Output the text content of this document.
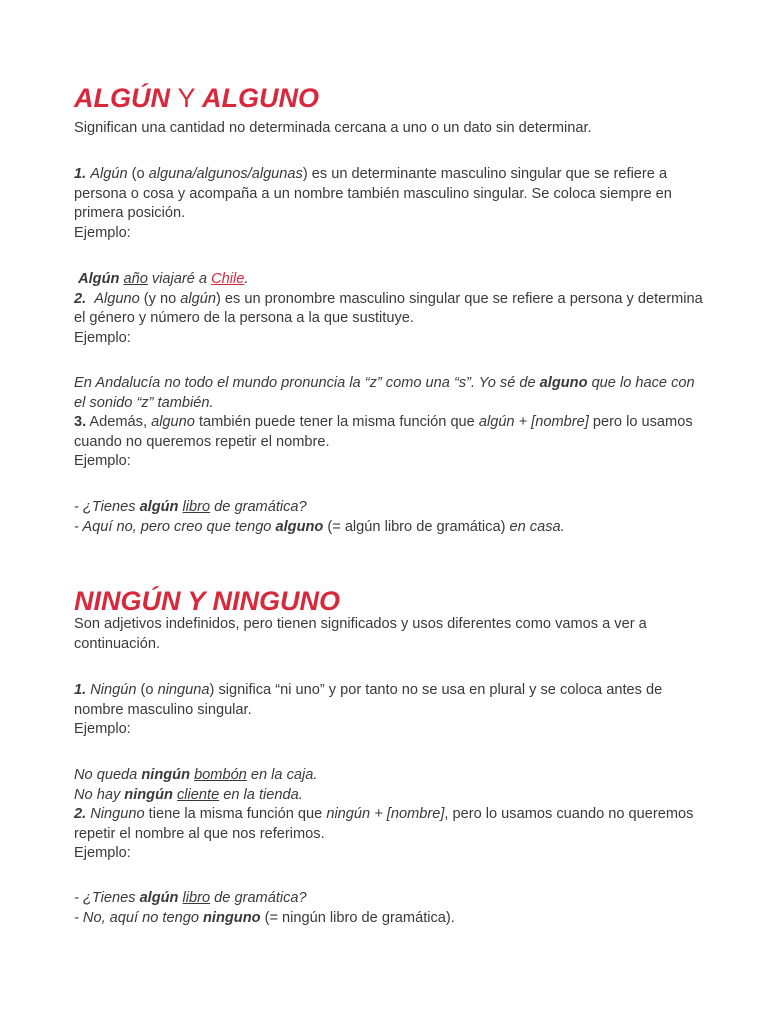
ALGÚN Y ALGUNO

Significan una cantidad no determinada cercana a uno o un dato sin determinar.

1. Algún (o alguna/algunos/algunas) es un determinante masculino singular que se refiere a persona o cosa y acompaña a un nombre también masculino singular. Se coloca siempre en primera posición.
Ejemplo:

Algún año viajaré a Chile.
2. Alguno (y no algún) es un pronombre masculino singular que se refiere a persona y determina el género y número de la persona a la que sustituye.
Ejemplo:

En Andalucía no todo el mundo pronuncia la “z” como una “s”. Yo sé de alguno que lo hace con el sonido “z” también.
3. Además, alguno también puede tener la misma función que algún + [nombre] pero lo usamos cuando no queremos repetir el nombre.
Ejemplo:

- ¿Tienes algún libro de gramática?
- Aquí no, pero creo que tengo alguno (= algún libro de gramática) en casa.

NINGÚN Y NINGUNO

Son adjetivos indefinidos, pero tienen significados y usos diferentes como vamos a ver a continuación.

1. Ningún (o ninguna) significa “ni uno” y por tanto no se usa en plural y se coloca antes de nombre masculino singular.
Ejemplo:

No queda ningún bombón en la caja.
No hay ningún cliente en la tienda.
2. Ninguno tiene la misma función que ningún + [nombre], pero lo usamos cuando no queremos repetir el nombre al que nos referimos.
Ejemplo:

- ¿Tienes algún libro de gramática?
- No, aquí no tengo ninguno (= ningún libro de gramática).
